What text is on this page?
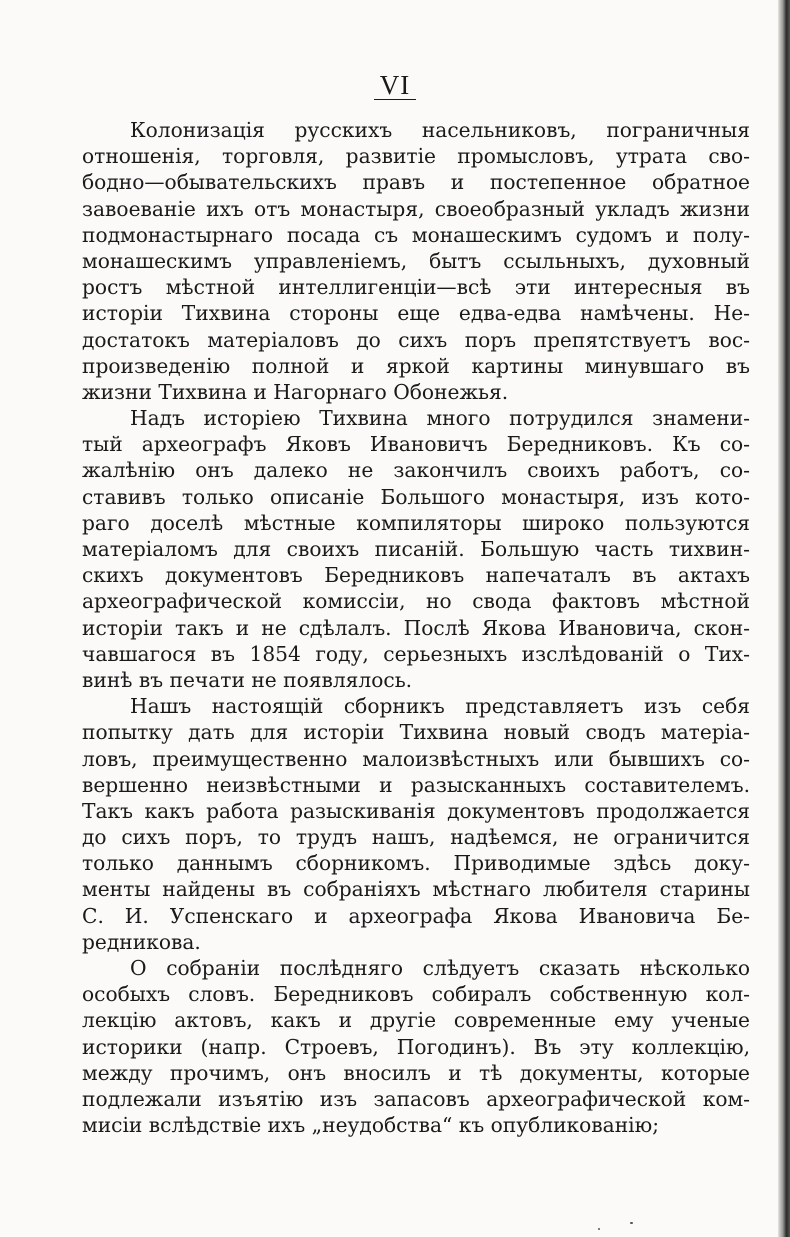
VI
Колонизація русскихъ насельниковъ, пограничныя
отношенія, торговля, развитіе промысловъ, утрата сво-
бодно—обывательскихъ правъ и постепенное обратное
завоеваніе ихъ отъ монастыря, своеобразный укладъ жизни
подмонастырнаго посада съ монашескимъ судомъ и полу-
монашескимъ управленіемъ, бытъ ссыльныхъ, духовный
ростъ мѣстной интеллигенціи—всѣ эти интересныя въ
исторіи Тихвина стороны еще едва-едва намѣчены. Не-
достатокъ матеріаловъ до сихъ поръ препятствуетъ вос-
произведенію полной и яркой картины минувшаго въ
жизни Тихвина и Нагорнаго Обонежья.
Надъ исторіею Тихвина много потрудился знамени-
тый археографъ Яковъ Ивановичъ Бередниковъ. Къ со-
жалѣнію онъ далеко не закончилъ своихъ работъ, со-
ставивъ только описаніе Большого монастыря, изъ кото-
раго доселѣ мѣстные компиляторы широко пользуются
матеріаломъ для своихъ писаній. Большую часть тихвин-
скихъ документовъ Бередниковъ напечаталъ въ актахъ
археографической комиссіи, но свода фактовъ мѣстной
исторіи такъ и не сдѣлалъ. Послѣ Якова Ивановича, скон-
чавшагося въ 1854 году, серьезныхъ изслѣдованій о Тих-
винѣ въ печати не появлялось.
Нашъ настоящій сборникъ представляетъ изъ себя
попытку дать для исторіи Тихвина новый сводъ матеріа-
ловъ, преимущественно малоизвѣстныхъ или бывшихъ со-
вершенно неизвѣстными и разысканныхъ составителемъ.
Такъ какъ работа разыскиванія документовъ продолжается
до сихъ поръ, то трудъ нашъ, надѣемся, не ограничится
только даннымъ сборникомъ. Приводимые здѣсь доку-
менты найдены въ собраніяхъ мѣстнаго любителя старины
С. И. Успенскаго и археографа Якова Ивановича Бе-
редникова.
О собраніи послѣдняго слѣдуетъ сказать нѣсколько
особыхъ словъ. Бередниковъ собиралъ собственную кол-
лекцію актовъ, какъ и другіе современные ему ученые
историки (напр. Строевъ, Погодинъ). Въ эту коллекцію,
между прочимъ, онъ вносилъ и тѣ документы, которые
подлежали изъятію изъ запасовъ археографической ком-
мисіи вслѣдствіе ихъ „неудобства“ къ опубликованію;
